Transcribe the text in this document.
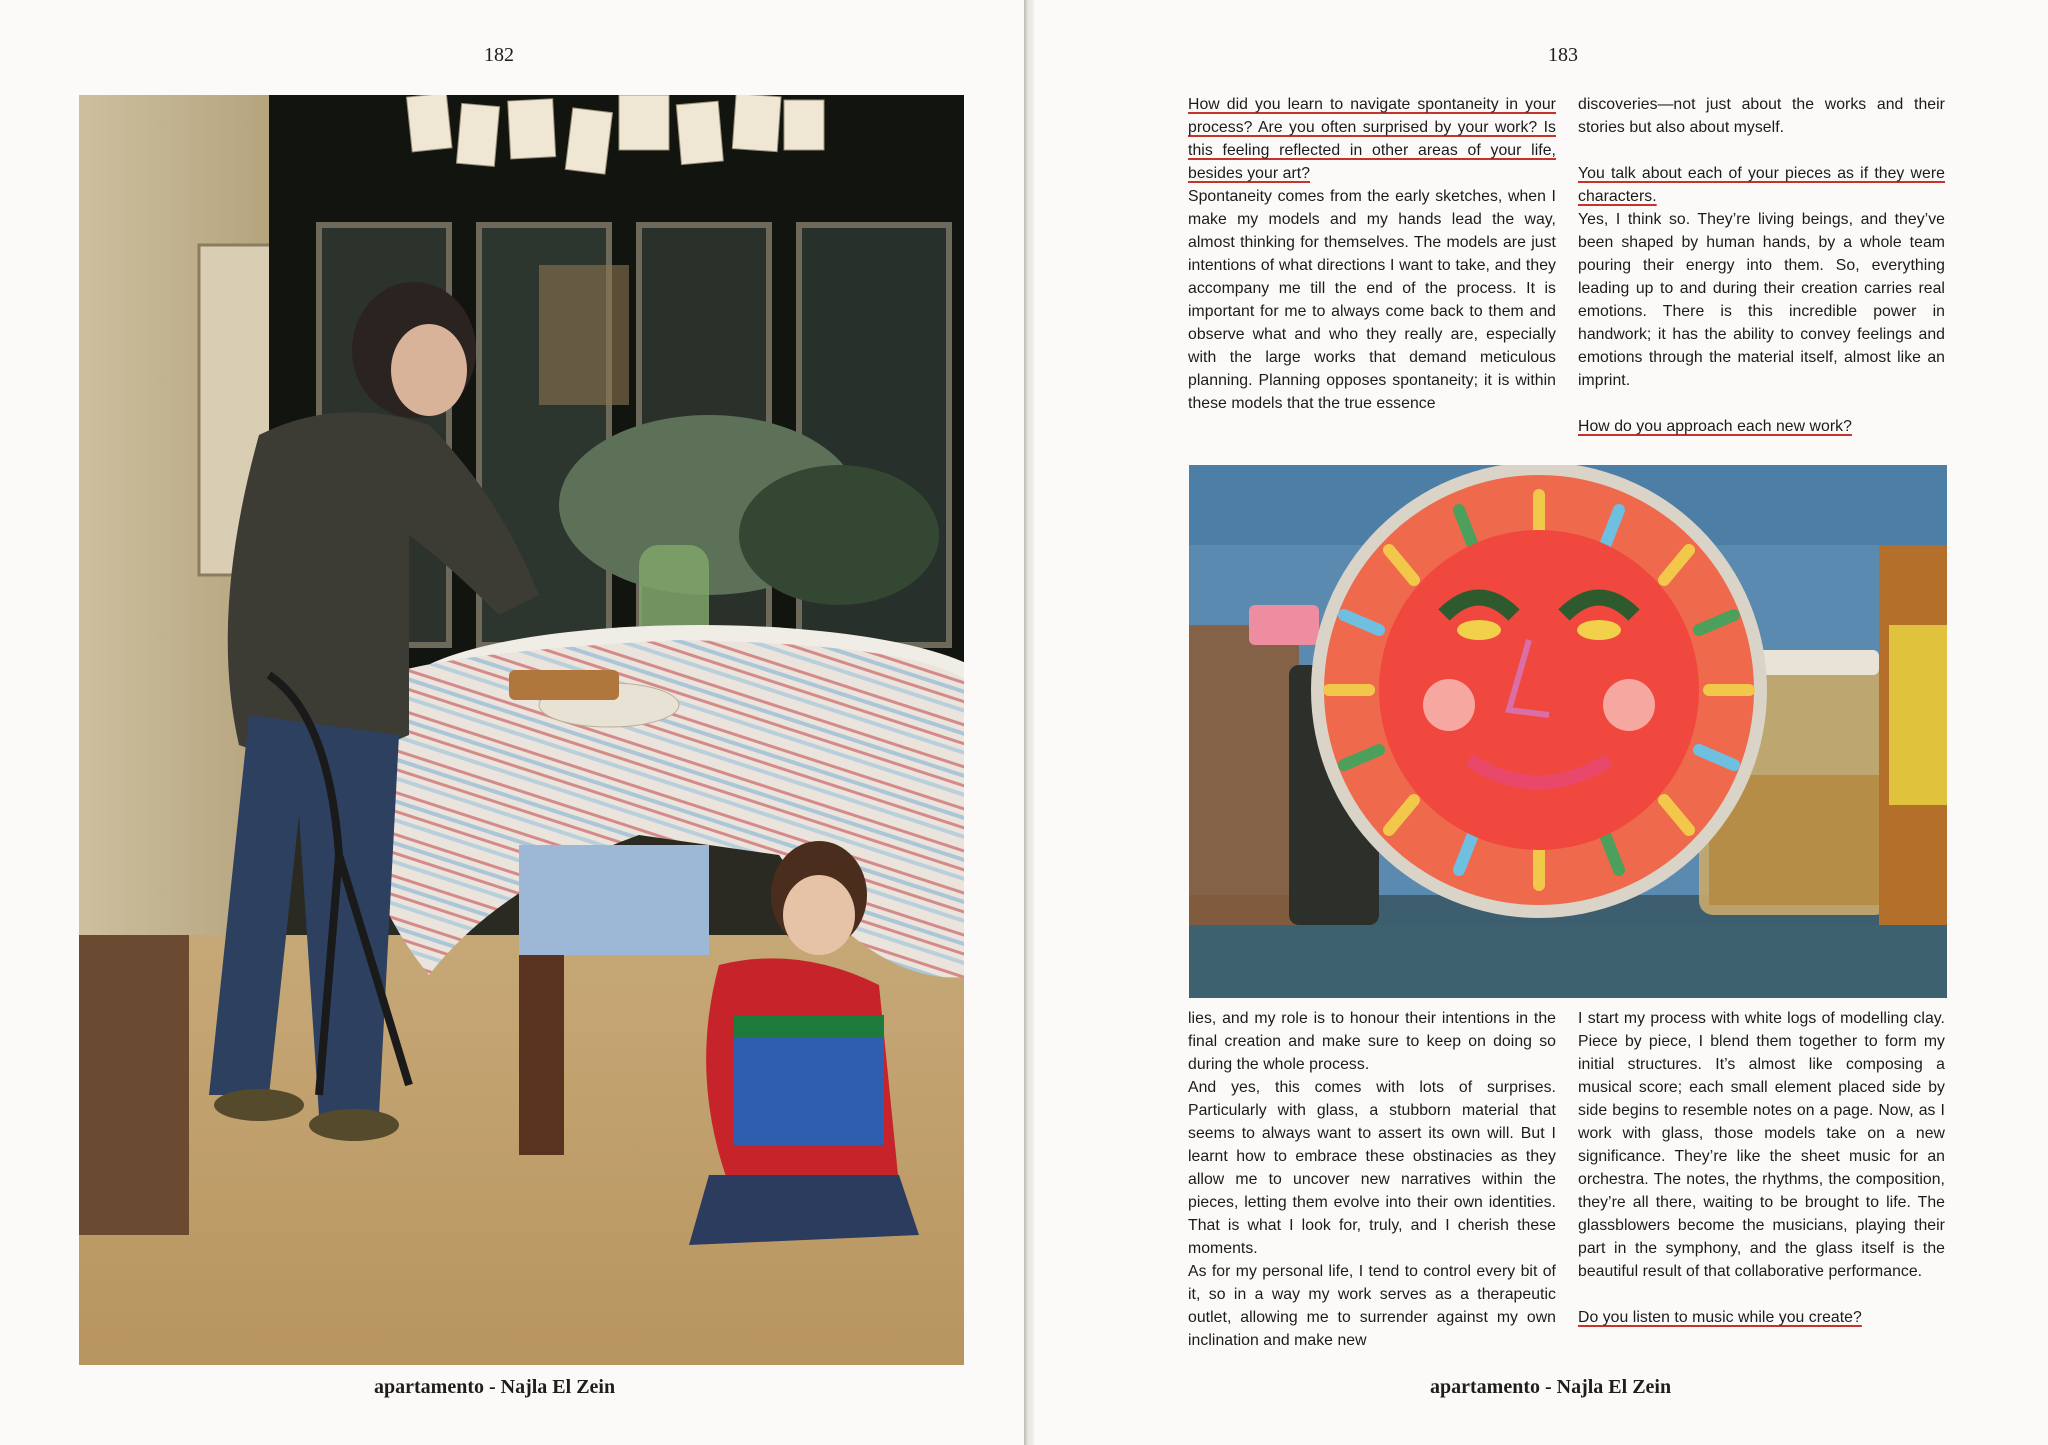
182
apartamento - Najla El Zein
183

How did you learn to navigate spontaneity in your process? Are you often surprised by your work? Is this feeling reflected in other areas of your life, besides your art?

Spontaneity comes from the early sketches, when I make my models and my hands lead the way, almost thinking for themselves. The models are just intentions of what directions I want to take, and they accompany me till the end of the process. It is important for me to always come back to them and observe what and who they really are, especially with the large works that demand meticulous planning. Planning opposes spontaneity; it is within these models that the true essence

discoveries—not just about the works and their stories but also about myself.

You talk about each of your pieces as if they were characters.

Yes, I think so. They’re living beings, and they’ve been shaped by human hands, by a whole team pouring their energy into them. So, everything leading up to and during their creation carries real emotions. There is this incredible power in handwork; it has the ability to convey feelings and emotions through the material itself, almost like an imprint.

How do you approach each new work?

lies, and my role is to honour their intentions in the final creation and make sure to keep on doing so during the whole process.

And yes, this comes with lots of surprises. Particularly with glass, a stubborn material that seems to always want to assert its own will. But I learnt how to embrace these obstinacies as they allow me to uncover new narratives within the pieces, letting them evolve into their own identities. That is what I look for, truly, and I cherish these moments.

As for my personal life, I tend to control every bit of it, so in a way my work serves as a therapeutic outlet, allowing me to surrender against my own inclination and make new

I start my process with white logs of modelling clay. Piece by piece, I blend them together to form my initial structures. It’s almost like composing a musical score; each small element placed side by side begins to resemble notes on a page. Now, as I work with glass, those models take on a new significance. They’re like the sheet music for an orchestra. The notes, the rhythms, the composition, they’re all there, waiting to be brought to life. The glassblowers become the musicians, playing their part in the symphony, and the glass itself is the beautiful result of that collaborative performance.

Do you listen to music while you create?

apartamento - Najla El Zein
